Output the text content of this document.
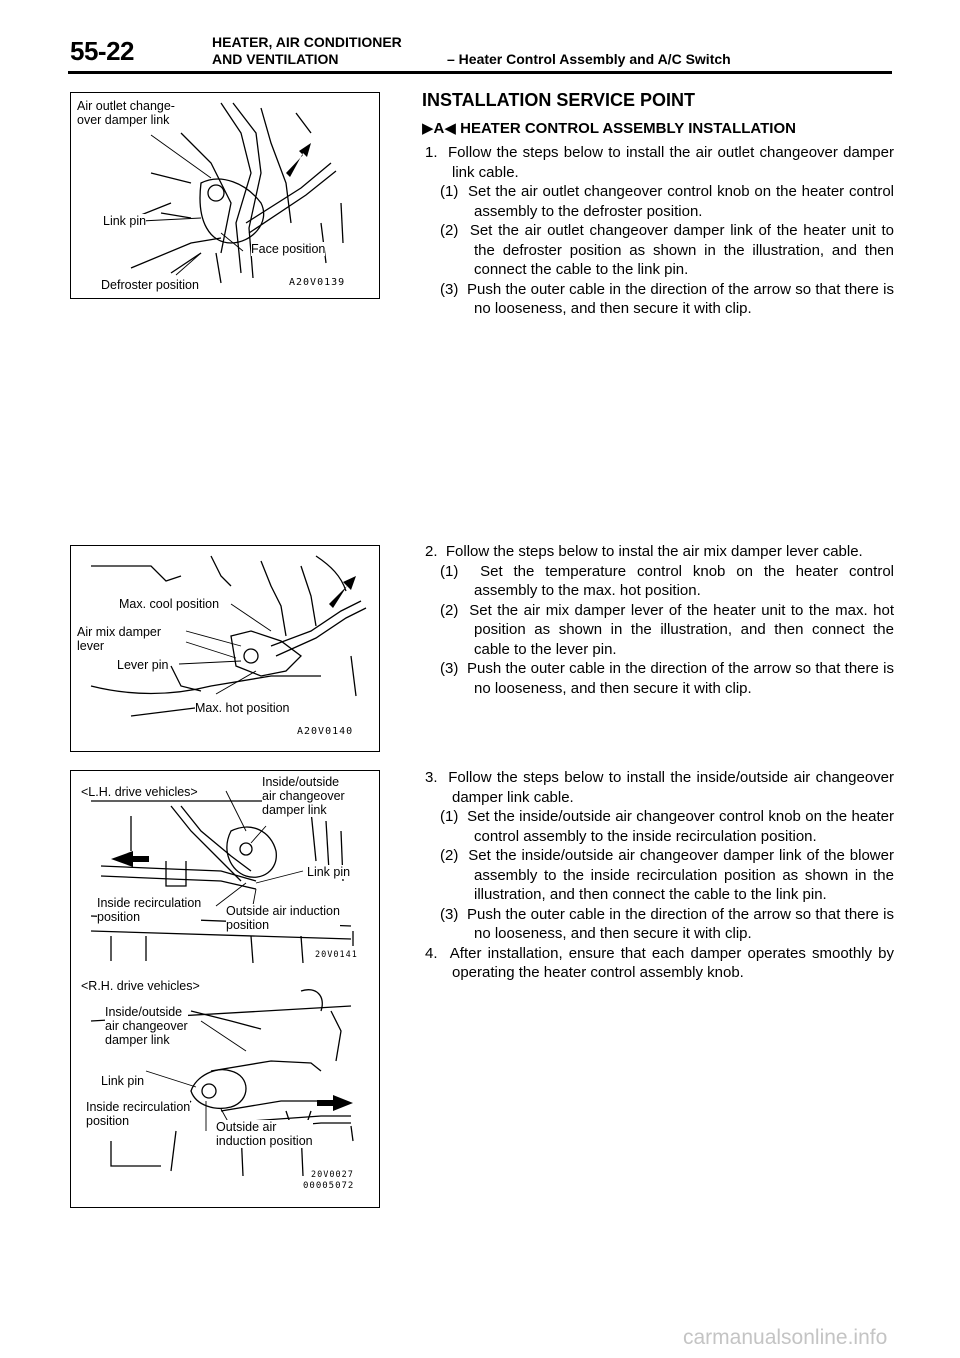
55-22	HEATER, AIR CONDITIONER
AND VENTILATION	– Heater Control Assembly and A/C Switch
Air outlet change-
over damper link
Link pin
Face position
Defroster position	A20V0139
Max. cool position
Air mix damper
lever
Lever pin
Max. hot position
A20V0140
<L.H. drive vehicles>
Inside/outside
air changeover
damper link
Link pin
Inside recirculation
position	Outside air induction
position
20V0141
<R.H. drive vehicles>
Inside/outside
air changeover
damper link
Link pin
Inside recirculation
position	Outside air
induction position
20V0027
00005072
INSTALLATION SERVICE POINT
▶A◀ HEATER CONTROL ASSEMBLY INSTALLATION

1. Follow the steps below to install the air outlet changeover damper link cable.

(1) Set the air outlet changeover control knob on the heater control assembly to the defroster position.

(2) Set the air outlet changeover damper link of the heater unit to the defroster position as shown in the illustration, and then connect the cable to the link pin.

(3) Push the outer cable in the direction of the arrow so that there is no looseness, and then secure it with clip.

2. Follow the steps below to instal the air mix damper lever cable.

(1) Set the temperature control knob on the heater control assembly to the max. hot position.

(2) Set the air mix damper lever of the heater unit to the max. hot position as shown in the illustration, and then connect the cable to the lever pin.

(3) Push the outer cable in the direction of the arrow so that there is no looseness, and then secure it with clip.

3. Follow the steps below to install the inside/outside air changeover damper link cable.

(1) Set the inside/outside air changeover control knob on the heater control assembly to the inside recirculation position.

(2) Set the inside/outside air changeover damper link of the blower assembly to the inside recirculation position as shown in the illustration, and then connect the cable to the link pin.

(3) Push the outer cable in the direction of the arrow so that there is no looseness, and then secure it with clip.

4. After installation, ensure that each damper operates smoothly by operating the heater control assembly knob.

carmanualsonline.info
